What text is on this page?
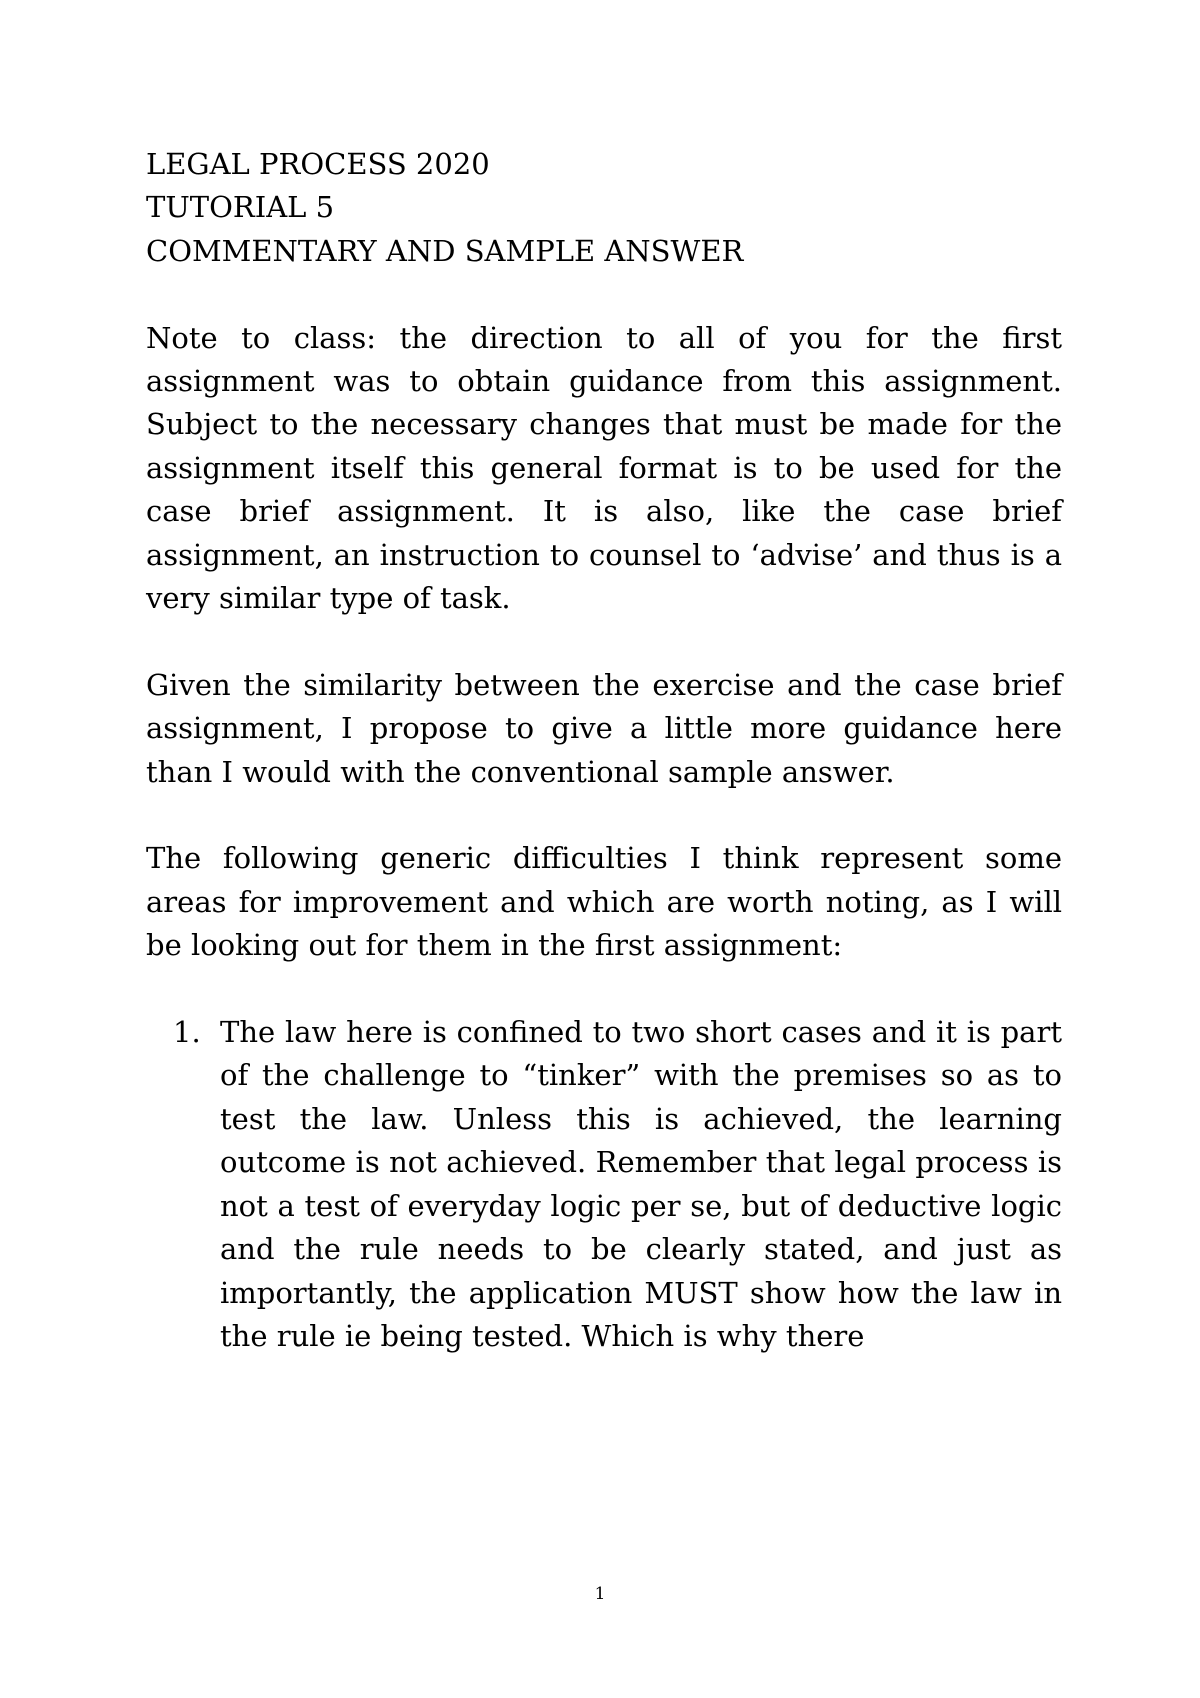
LEGAL PROCESS 2020
TUTORIAL 5
COMMENTARY AND SAMPLE ANSWER

Note to class: the direction to all of you for the first assignment was to obtain guidance from this assignment. Subject to the necessary changes that must be made for the assignment itself this general format is to be used for the case brief assignment. It is also, like the case brief assignment, an instruction to counsel to ‘advise’ and thus is a very similar type of task.

Given the similarity between the exercise and the case brief assignment, I propose to give a little more guidance here than I would with the conventional sample answer.

The following generic difficulties I think represent some areas for improvement and which are worth noting, as I will be looking out for them in the first assignment:

1. The law here is confined to two short cases and it is part of the challenge to “tinker” with the premises so as to test the law. Unless this is achieved, the learning outcome is not achieved. Remember that legal process is not a test of everyday logic per se, but of deductive logic and the rule needs to be clearly stated, and just as importantly, the application MUST show how the law in the rule ie being tested. Which is why there
1
